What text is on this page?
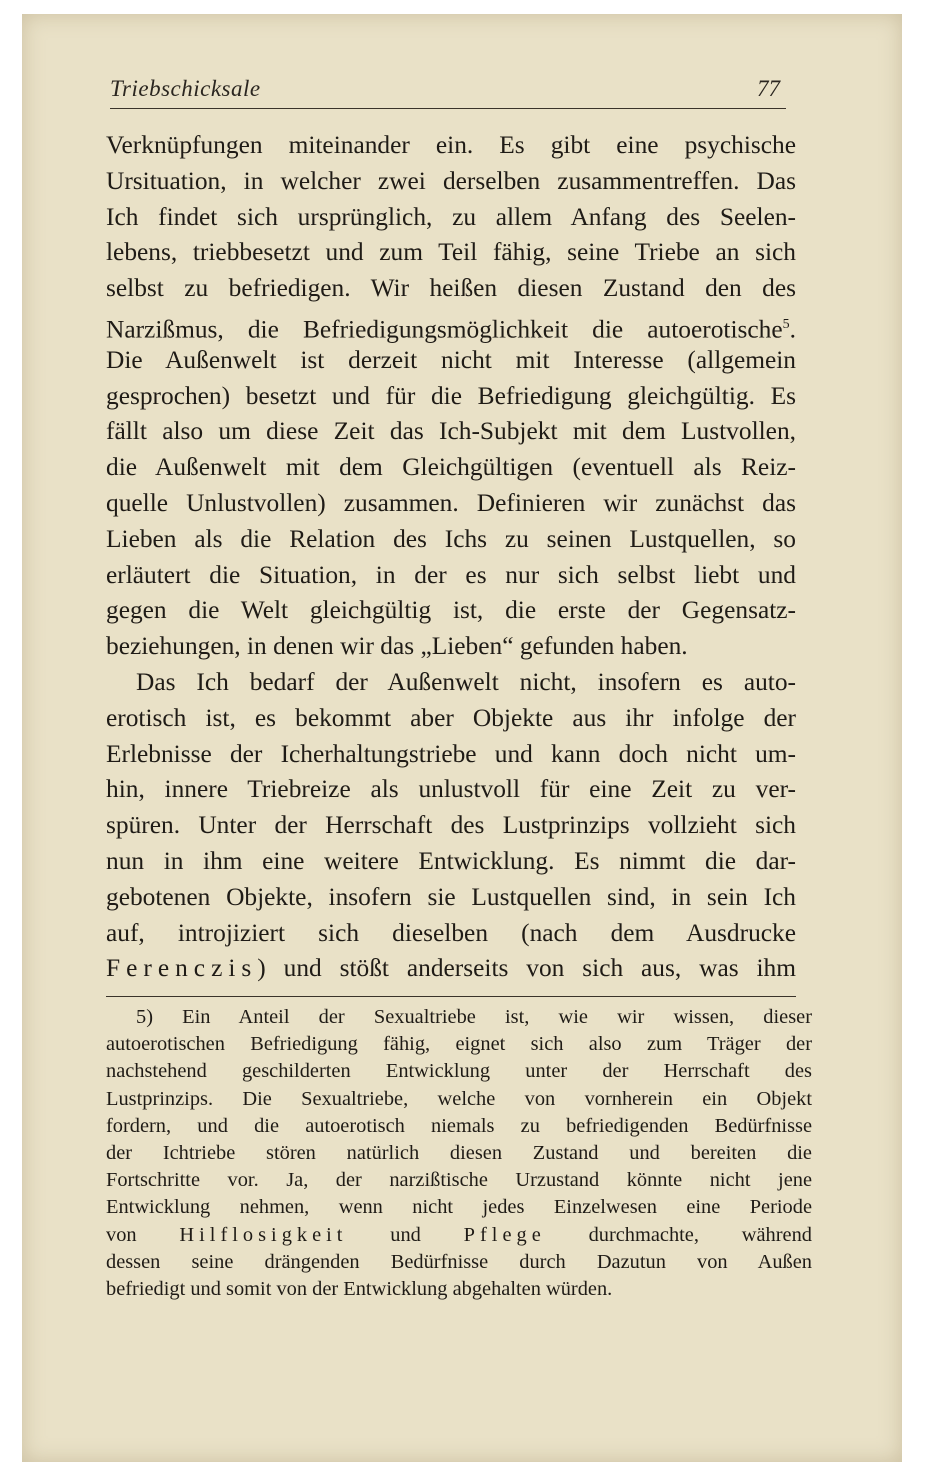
Triebschicksale	77
Verknüpfungen miteinander ein. Es gibt eine psychische
Ursituation, in welcher zwei derselben zusammentreffen. Das
Ich findet sich ursprünglich, zu allem Anfang des Seelen-
lebens, triebbesetzt und zum Teil fähig, seine Triebe an sich
selbst zu befriedigen. Wir heißen diesen Zustand den des
Narzißmus, die Befriedigungsmöglichkeit die autoerotische$^5$.
Die Außenwelt ist derzeit nicht mit Interesse (allgemein
gesprochen) besetzt und für die Befriedigung gleichgültig. Es
fällt also um diese Zeit das Ich-Subjekt mit dem Lustvollen,
die Außenwelt mit dem Gleichgültigen (eventuell als Reiz-
quelle Unlustvollen) zusammen. Definieren wir zunächst das
Lieben als die Relation des Ichs zu seinen Lustquellen, so
erläutert die Situation, in der es nur sich selbst liebt und
gegen die Welt gleichgültig ist, die erste der Gegensatz-
beziehungen, in denen wir das „Lieben“ gefunden haben.
Das Ich bedarf der Außenwelt nicht, insofern es auto-
erotisch ist, es bekommt aber Objekte aus ihr infolge der
Erlebnisse der Icherhaltungstriebe und kann doch nicht um-
hin, innere Triebreize als unlustvoll für eine Zeit zu ver-
spüren. Unter der Herrschaft des Lustprinzips vollzieht sich
nun in ihm eine weitere Entwicklung. Es nimmt die dar-
gebotenen Objekte, insofern sie Lustquellen sind, in sein Ich
auf, introjiziert sich dieselben (nach dem Ausdrucke
Ferenczis) und stößt anderseits von sich aus, was ihm
5) Ein Anteil der Sexualtriebe ist, wie wir wissen, dieser
autoerotischen Befriedigung fähig, eignet sich also zum Träger der
nachstehend geschilderten Entwicklung unter der Herrschaft des
Lustprinzips. Die Sexualtriebe, welche von vornherein ein Objekt
fordern, und die autoerotisch niemals zu befriedigenden Bedürfnisse
der Ichtriebe stören natürlich diesen Zustand und bereiten die
Fortschritte vor. Ja, der narzißtische Urzustand könnte nicht jene
Entwicklung nehmen, wenn nicht jedes Einzelwesen eine Periode
von Hilflosigkeit und Pflege durchmachte, während
dessen seine drängenden Bedürfnisse durch Dazutun von Außen
befriedigt und somit von der Entwicklung abgehalten würden.
